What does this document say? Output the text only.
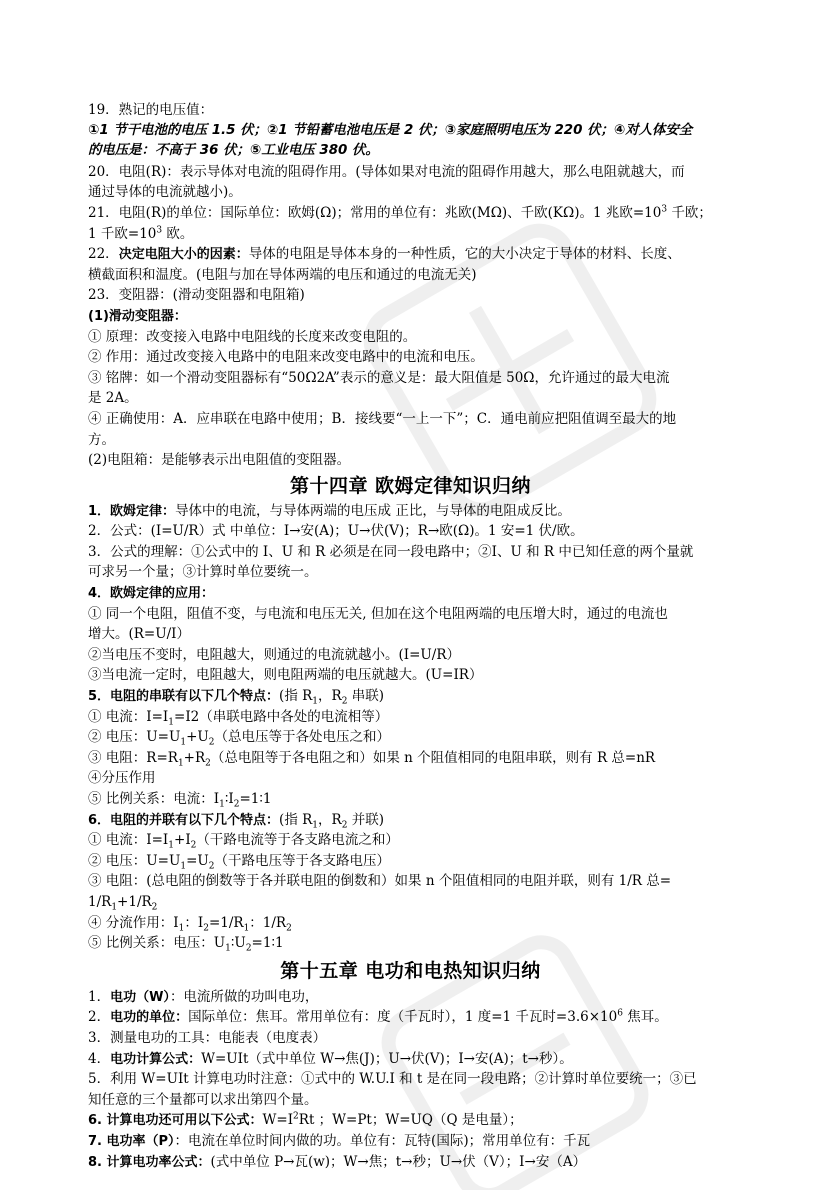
19．熟记的电压值：
①1 节干电池的电压 1.5 伏；②1 节铅蓄电池电压是 2 伏；③家庭照明电压为 220 伏；④对人体安全
的电压是：不高于 36 伏；⑤工业电压 380 伏。
20．电阻(R)：表示导体对电流的阻碍作用。(导体如果对电流的阻碍作用越大，那么电阻就越大，而
通过导体的电流就越小)。
21．电阻(R)的单位：国际单位：欧姆(Ω)；常用的单位有：兆欧(MΩ)、千欧(KΩ)。1 兆欧$=10^3$ 千欧；
1 千欧$=10^3$ 欧。
22．决定电阻大小的因素：导体的电阻是导体本身的一种性质，它的大小决定于导体的材料、长度、
横截面积和温度。(电阻与加在导体两端的电压和通过的电流无关)
23．变阻器：(滑动变阻器和电阻箱)
(1)滑动变阻器：
① 原理：改变接入电路中电阻线的长度来改变电阻的。
② 作用：通过改变接入电路中的电阻来改变电路中的电流和电压。
③ 铭牌：如一个滑动变阻器标有“50Ω2A”表示的意义是：最大阻值是 50Ω，允许通过的最大电流
是 2A。
④ 正确使用：A．应串联在电路中使用；B．接线要“一上一下”；C．通电前应把阻值调至最大的地
方。
(2)电阻箱：是能够表示出电阻值的变阻器。
第十四章 欧姆定律知识归纳
1．欧姆定律：导体中的电流，与导体两端的电压成 正比，与导体的电阻成反比。
2．公式：(I=U/R）式 中单位：I→安(A)；U→伏(V)；R→欧(Ω)。1 安=1 伏/欧。
3．公式的理解：①公式中的 I、U 和 R 必须是在同一段电路中；②I、U 和 R 中已知任意的两个量就
可求另一个量；③计算时单位要统一。
4．欧姆定律的应用：
① 同一个电阻，阻值不变，与电流和电压无关, 但加在这个电阻两端的电压增大时，通过的电流也
增大。(R=U/I）
②当电压不变时，电阻越大，则通过的电流就越小。(I=U/R）
③当电流一定时，电阻越大，则电阻两端的电压就越大。(U=IR）
5．电阻的串联有以下几个特点：(指 $R_1$，$R_2$ 串联)
① 电流：$I=I_1=I2$（串联电路中各处的电流相等）
② 电压：$U=U_1+U_2$（总电压等于各处电压之和）
③ 电阻：$R=R_1+R_2$（总电阻等于各电阻之和）如果 n 个阻值相同的电阻串联，则有 R 总=nR
④分压作用
⑤ 比例关系：电流：$I_1∶I_2=1∶1$
6．电阻的并联有以下几个特点：(指 $R_1$，$R_2$ 并联)
① 电流：$I=I_1+I_2$（干路电流等于各支路电流之和）
② 电压：$U=U_1=U_2$（干路电压等于各支路电压）
③ 电阻：(总电阻的倒数等于各并联电阻的倒数和）如果 n 个阻值相同的电阻并联，则有 1/R 总=
$1/R_1+1/R_2$
④ 分流作用：$I_1$：$I_2=1/R_1$：$1/R_2$
⑤ 比例关系：电压：$U_1∶U_2=1∶1$
第十五章 电功和电热知识归纳
1．电功（W）：电流所做的功叫电功，
2．电功的单位：国际单位：焦耳。常用单位有：度（千瓦时），1 度=1 千瓦时$=3.6\times 10^6$ 焦耳。
3．测量电功的工具：电能表（电度表）
4．电功计算公式：W=UIt（式中单位 W→焦(J)；U→伏(V)；I→安(A)；t→秒）。
5．利用 W=UIt 计算电功时注意：①式中的 W.U.I 和 t 是在同一段电路；②计算时单位要统一；③已
知任意的三个量都可以求出第四个量。
6. 计算电功还可用以下公式：$W=I^2Rt$ ；W=Pt；W=UQ（Q 是电量）；
7. 电功率（P）：电流在单位时间内做的功。单位有：瓦特(国际)；常用单位有：千瓦
8. 计算电功率公式：(式中单位 P→瓦(w)；W→焦；t→秒；U→伏（V）；I→安（A）
